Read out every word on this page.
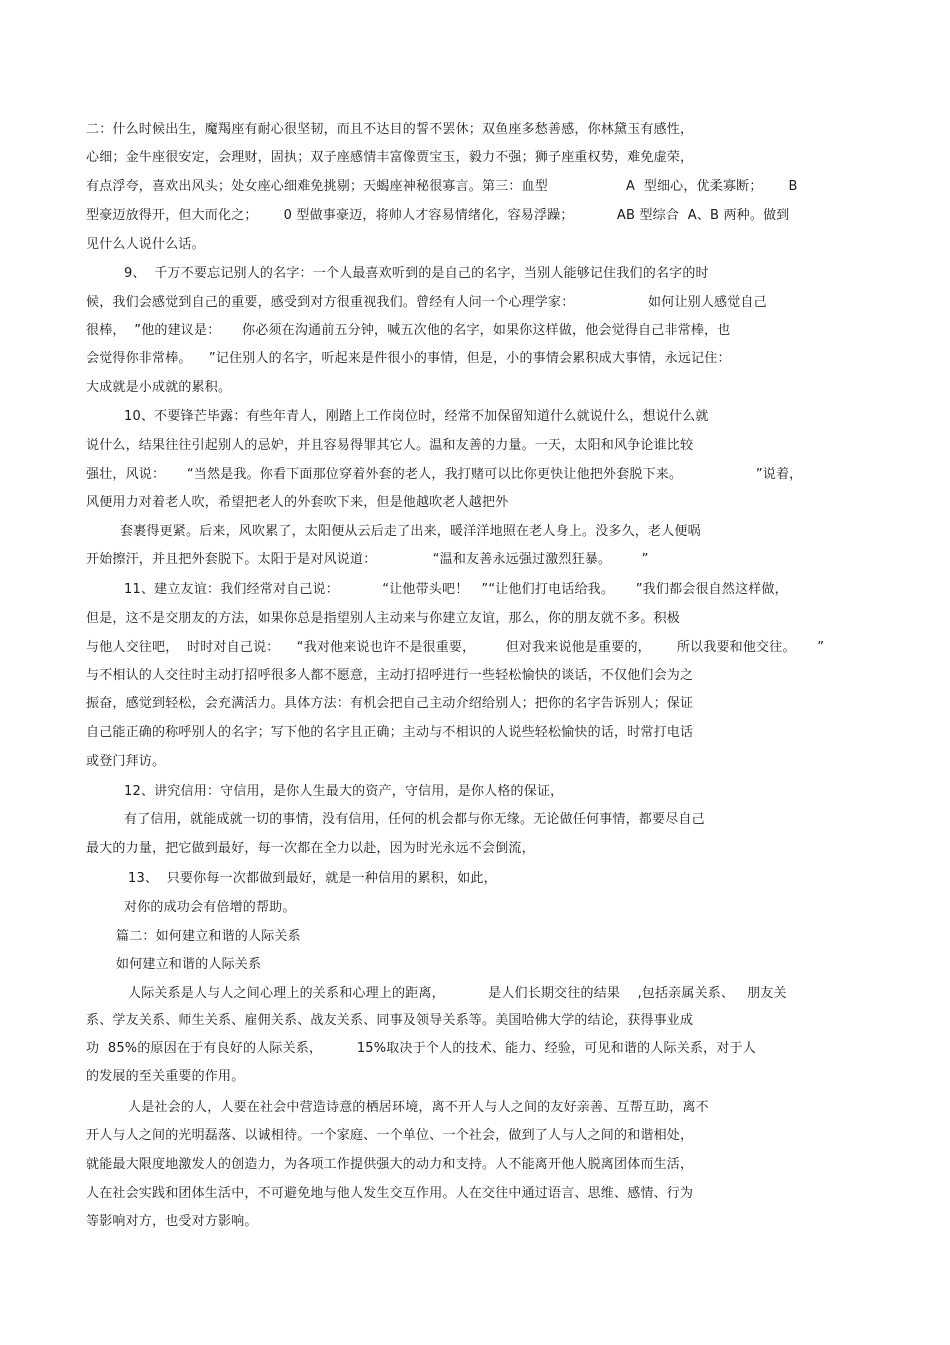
二：什么时候出生，魔羯座有耐心很坚韧，而且不达目的誓不罢休；双鱼座多愁善感，你林黛玉有感性，
心细；金牛座很安定，会理财，固执；双子座感情丰富像贾宝玉，毅力不强；狮子座重权势，难免虚荣，
有点浮夸，喜欢出风头；处女座心细难免挑剔；天蝎座神秘很寡言。第三：血型                  A  型细心，优柔寡断；      B
型豪迈放得开，但大而化之；      0 型做事豪迈，将帅人才容易情绪化，容易浮躁；          AB 型综合  A、B 两种。做到
见什么人说什么话。
9、  千万不要忘记别人的名字：一个人最喜欢听到的是自己的名字，当别人能够记住我们的名字的时
候，我们会感觉到自己的重要，感受到对方很重视我们。曾经有人问一个心理学家：                 如何让别人感觉自己
很棒，  ”他的建议是：     你必须在沟通前五分钟，喊五次他的名字，如果你这样做，他会觉得自己非常棒，也
会觉得你非常棒。    ”记住别人的名字，听起来是件很小的事情，但是，小的事情会累积成大事情，永远记住：
大成就是小成就的累积。
10、不要锋芒毕露：有些年青人，刚踏上工作岗位时，经常不加保留知道什么就说什么，想说什么就
说什么，结果往往引起别人的忌妒，并且容易得罪其它人。温和友善的力量。一天，太阳和风争论谁比较
强壮，风说：     “当然是我。你看下面那位穿着外套的老人，我打赌可以比你更快让他把外套脱下来。                 ”说着，
风便用力对着老人吹，希望把老人的外套吹下来，但是他越吹老人越把外
套裹得更紧。后来，风吹累了，太阳便从云后走了出来，暖洋洋地照在老人身上。没多久，老人便㖞
开始擦汗，并且把外套脱下。太阳于是对风说道：             “温和友善永远强过激烈狂暴。       ”
11、建立友谊：我们经常对自己说：          “让他带头吧！   ”“让他们打电话给我。     ”我们都会很自然这样做，
但是，这不是交朋友的方法，如果你总是指望别人主动来与你建立友谊，那么，你的朋友就不多。积极
与他人交往吧，  时时对自己说：    “我对他来说也许不是很重要，       但对我来说他是重要的，      所以我要和他交往。     ”
与不相认的人交往时主动打招呼很多人都不愿意，主动打招呼进行一些轻松愉快的谈话，不仅他们会为之
振奋，感觉到轻松，会充满活力。具体方法：有机会把自己主动介绍给别人；把你的名字告诉别人；保证
自己能正确的称呼别人的名字；写下他的名字且正确；主动与不相识的人说些轻松愉快的话，时常打电话
或登门拜访。
12、讲究信用：守信用，是你人生最大的资产，守信用，是你人格的保证，
有了信用，就能成就一切的事情，没有信用，任何的机会都与你无缘。无论做任何事情，都要尽自己
最大的力量，把它做到最好，每一次都在全力以赴，因为时光永远不会倒流，
13、  只要你每一次都做到最好，就是一种信用的累积，如此，
对你的成功会有倍增的帮助。
篇二：如何建立和谐的人际关系
如何建立和谐的人际关系
人际关系是人与人之间心理上的关系和心理上的距离，          是人们长期交往的结果    ,包括亲属关系、   朋友关
系、学友关系、师生关系、雇佣关系、战友关系、同事及领导关系等。美国哈佛大学的结论，获得事业成
功  85%的原因在于有良好的人际关系，        15%取决于个人的技术、能力、经验，可见和谐的人际关系，对于人
的发展的至关重要的作用。
人是社会的人，人要在社会中营造诗意的栖居环境，离不开人与人之间的友好亲善、互帮互助，离不
开人与人之间的光明磊落、以诚相待。一个家庭、一个单位、一个社会，做到了人与人之间的和谐相处，
就能最大限度地激发人的创造力，为各项工作提供强大的动力和支持。人不能离开他人脱离团体而生活，
人在社会实践和团体生活中，不可避免地与他人发生交互作用。人在交往中通过语言、思维、感情、行为
等影响对方，也受对方影响。
